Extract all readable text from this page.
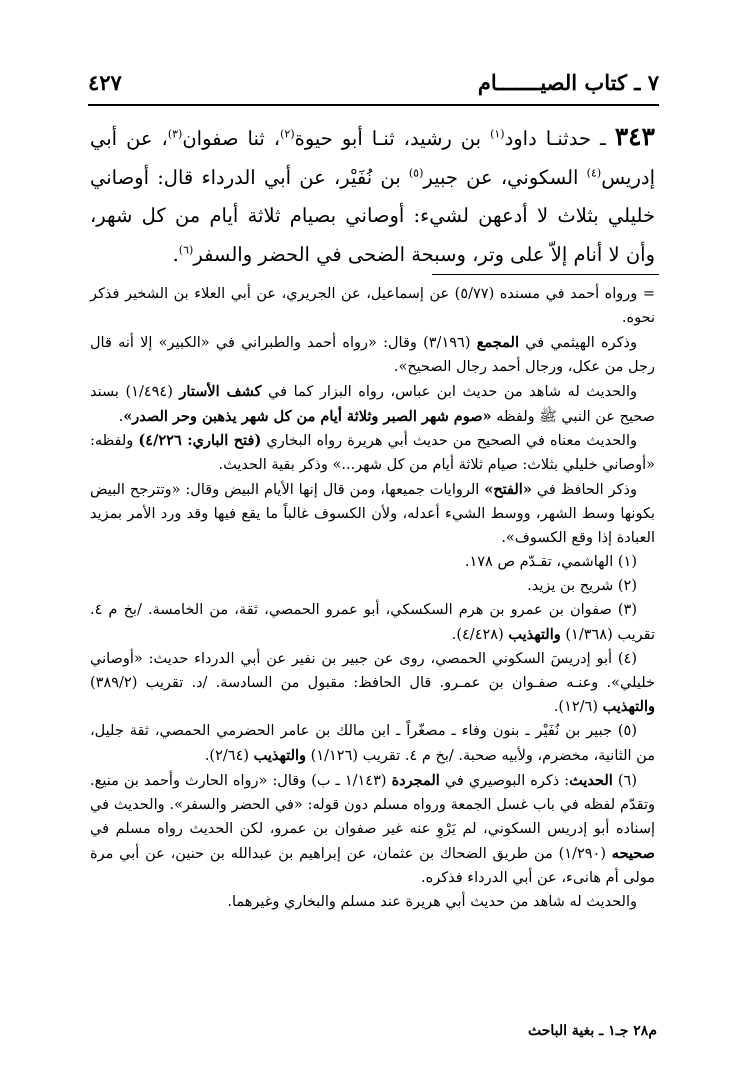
٧ ـ كتاب الصيـــــــام
٤٢٧
٣٤٣ ـ حدثنـا داود$^{(١)}$ بن رشيد، ثنـا أبو حيوة$^{(٢)}$، ثنا صفوان$^{(٣)}$، عن أبي إدريس$^{(٤)}$ السكوني، عن جبير$^{(٥)}$ بن نُفَيْر، عن أبي الدرداء قال: أوصاني خليلي بثلاث لا أدعهن لشيء: أوصاني بصيام ثلاثة أيام من كل شهر، وأن لا أنام إلاّ على وتر، وسبحة الضحى في الحضر والسفر$^{(٦)}$.

= ورواه أحمد في مسنده (٥/٧٧) عن إسماعيل، عن الجريري، عن أبي العلاء بن الشخير فذكر نحوه.

وذكره الهيثمي في المجمع (٣/١٩٦) وقال: «رواه أحمد والطبراني في «الكبير» إلا أنه قال رجل من عكل، ورجال أحمد رجال الصحيح».

والحديث له شاهد من حديث ابن عباس، رواه البزار كما في كشف الأستار (١/٤٩٤) بسند صحيح عن النبي ﷺ ولفظه «صوم شهر الصبر وثلاثة أيام من كل شهر يذهبن وحر الصدر».

والحديث معناه في الصحيح من حديث أبي هريرة رواه البخاري (فتح الباري: ٤/٢٢٦) ولفظه: «أوصاني خليلي بثلاث: صيام ثلاثة أيام من كل شهر...» وذكر بقية الحديث.

وذكر الحافظ في «الفتح» الروايات جميعها، ومن قال إنها الأيام البيض وقال: «وتترجح البيض بكونها وسط الشهر، ووسط الشيء أعدله، ولأن الكسوف غالباً ما يقع فيها وقد ورد الأمر بمزيد العبادة إذا وقع الكسوف».

(١) الهاشمي، تقـدّم ص ١٧٨.

(٢) شريح بن يزيد.

(٣) صفوان بن عمرو بن هرم السكسكي، أبو عمرو الحمصي، ثقة، من الخامسة. /بخ م ٤. تقريب (١/٣٦٨) والتهذيب (٤/٤٢٨).

(٤) أبو إدريسَ السكوني الحمصي، روى عن جبير بن نفير عن أبي الدرداء حديث: «أوصاني خليلي». وعنـه صفـوان بن عمـرو. قال الحافظ: مقبول من السادسة. /د. تقريب (٣٨٩/٢) والتهذيب (١٢/٦).

(٥) جبير بن نُفَيْر ـ بنون وفاء ـ مصغّراً ـ ابن مالك بن عامر الحضرمي الحمصي، ثقة جليل، من الثانية، مخضرم، ولأبيه صحبة. /بخ م ٤. تقريب (١/١٢٦) والتهذيب (٢/٦٤).

(٦) الحديث: ذكره البوصيري في المجردة (١/١٤٣ ـ ب) وقال: «رواه الحارث وأحمد بن منيع. وتقدّم لفظه في باب غسل الجمعة ورواه مسلم دون قوله: «في الحضر والسفر». والحديث في إسناده أبو إدريس السكوني، لم يَرْوِ عنه غير صفوان بن عمرو، لكن الحديث رواه مسلم في صحيحه (١/٢٩٠) من طريق الضحاك بن عثمان، عن إبراهيم بن عبدالله بن حنين، عن أبي مرة مولى أم هانىء، عن أبي الدرداء فذكره.

والحديث له شاهد من حديث أبي هريرة عند مسلم والبخاري وغيرهما.

م٢٨ جـ١ ـ بغية الباحث
